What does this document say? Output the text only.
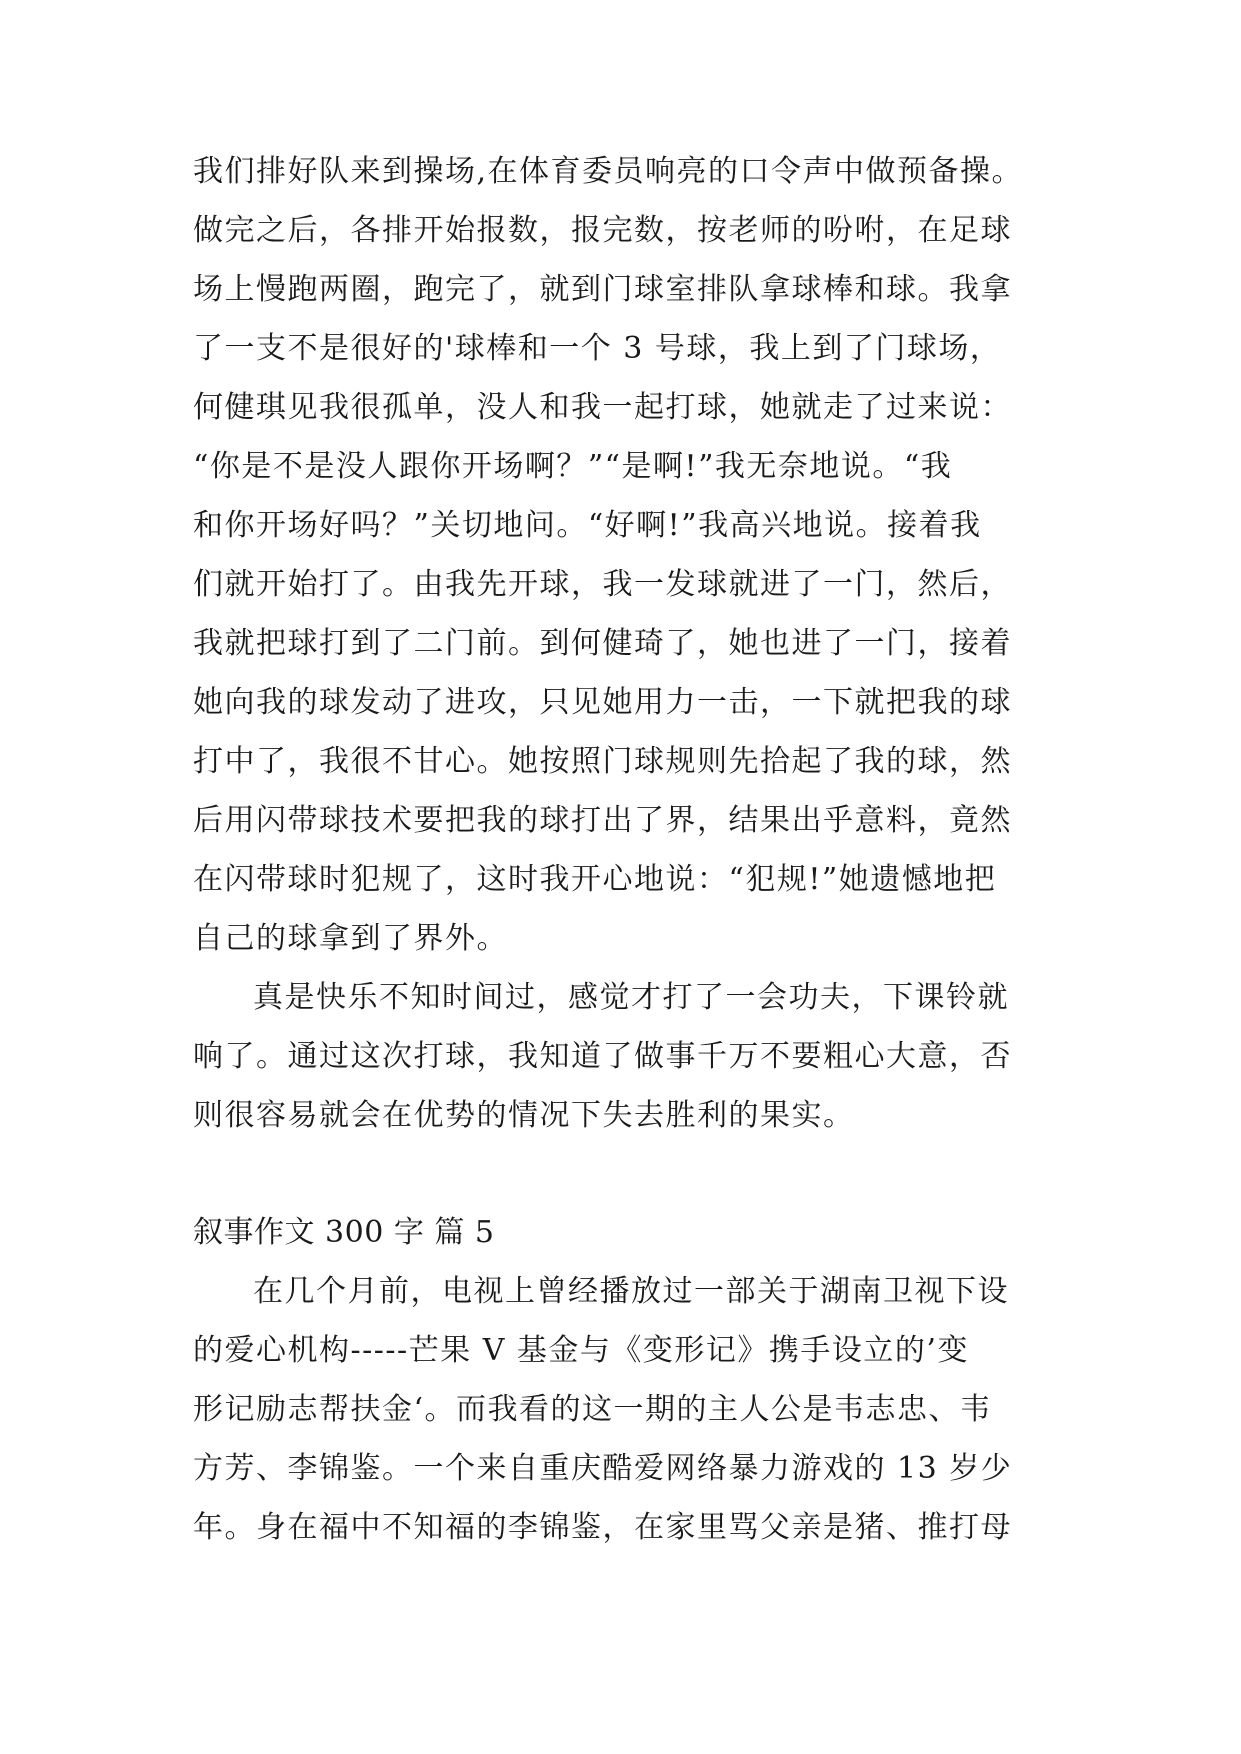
我们排好队来到操场,在体育委员响亮的口令声中做预备操。
做完之后，各排开始报数，报完数，按老师的吩咐，在足球
场上慢跑两圈，跑完了，就到门球室排队拿球棒和球。我拿
了一支不是很好的'球棒和一个 3 号球，我上到了门球场，
何健琪见我很孤单，没人和我一起打球，她就走了过来说：
“你是不是没人跟你开场啊？”“是啊!”我无奈地说。“我
和你开场好吗？”关切地问。“好啊!”我高兴地说。接着我
们就开始打了。由我先开球，我一发球就进了一门，然后，
我就把球打到了二门前。到何健琦了，她也进了一门，接着
她向我的球发动了进攻，只见她用力一击，一下就把我的球
打中了，我很不甘心。她按照门球规则先拾起了我的球，然
后用闪带球技术要把我的球打出了界，结果出乎意料，竟然
在闪带球时犯规了，这时我开心地说：“犯规!”她遗憾地把
自己的球拿到了界外。
真是快乐不知时间过，感觉才打了一会功夫，下课铃就
响了。通过这次打球，我知道了做事千万不要粗心大意，否
则很容易就会在优势的情况下失去胜利的果实。
叙事作文 300 字 篇 5
在几个月前，电视上曾经播放过一部关于湖南卫视下设
的爱心机构-----芒果 V 基金与《变形记》携手设立的’变
形记励志帮扶金‘。而我看的这一期的主人公是韦志忠、韦
方芳、李锦鉴。一个来自重庆酷爱网络暴力游戏的 13 岁少
年。身在福中不知福的李锦鉴，在家里骂父亲是猪、推打母
